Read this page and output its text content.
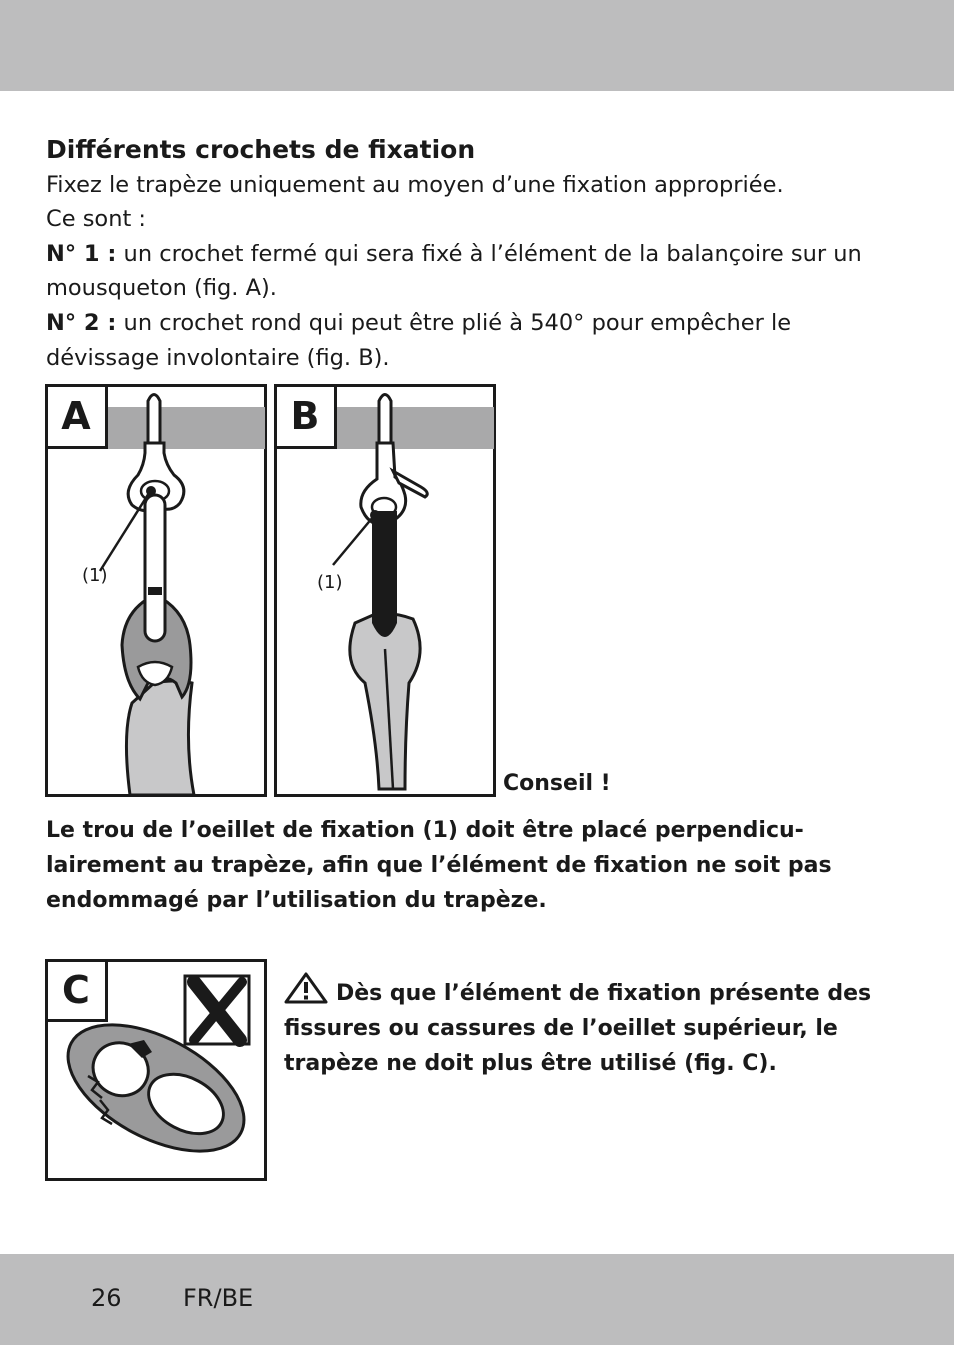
Différents crochets de fixation

Fixez le trapèze uniquement au moyen d’une fixation appropriée.

Ce sont :

N° 1 : un crochet fermé qui sera fixé à l’élément de la balançoire sur un mousqueton (fig. A).

N° 2 : un crochet rond qui peut être plié à 540° pour empêcher le dévissage involontaire (fig. B).

(1)
A
(1)
B
Conseil !

Le trou de l’oeillet de fixation (1) doit être placé perpendicu-lairement au trapèze, afin que l’élément de fixation ne soit pas endommagé par l’utilisation du trapèze.

C	Dès que l’élément de fixation présente des fissures ou cassures de l’oeillet supérieur, le trapèze ne doit plus être utilisé (fig. C).

26	FR/BE
